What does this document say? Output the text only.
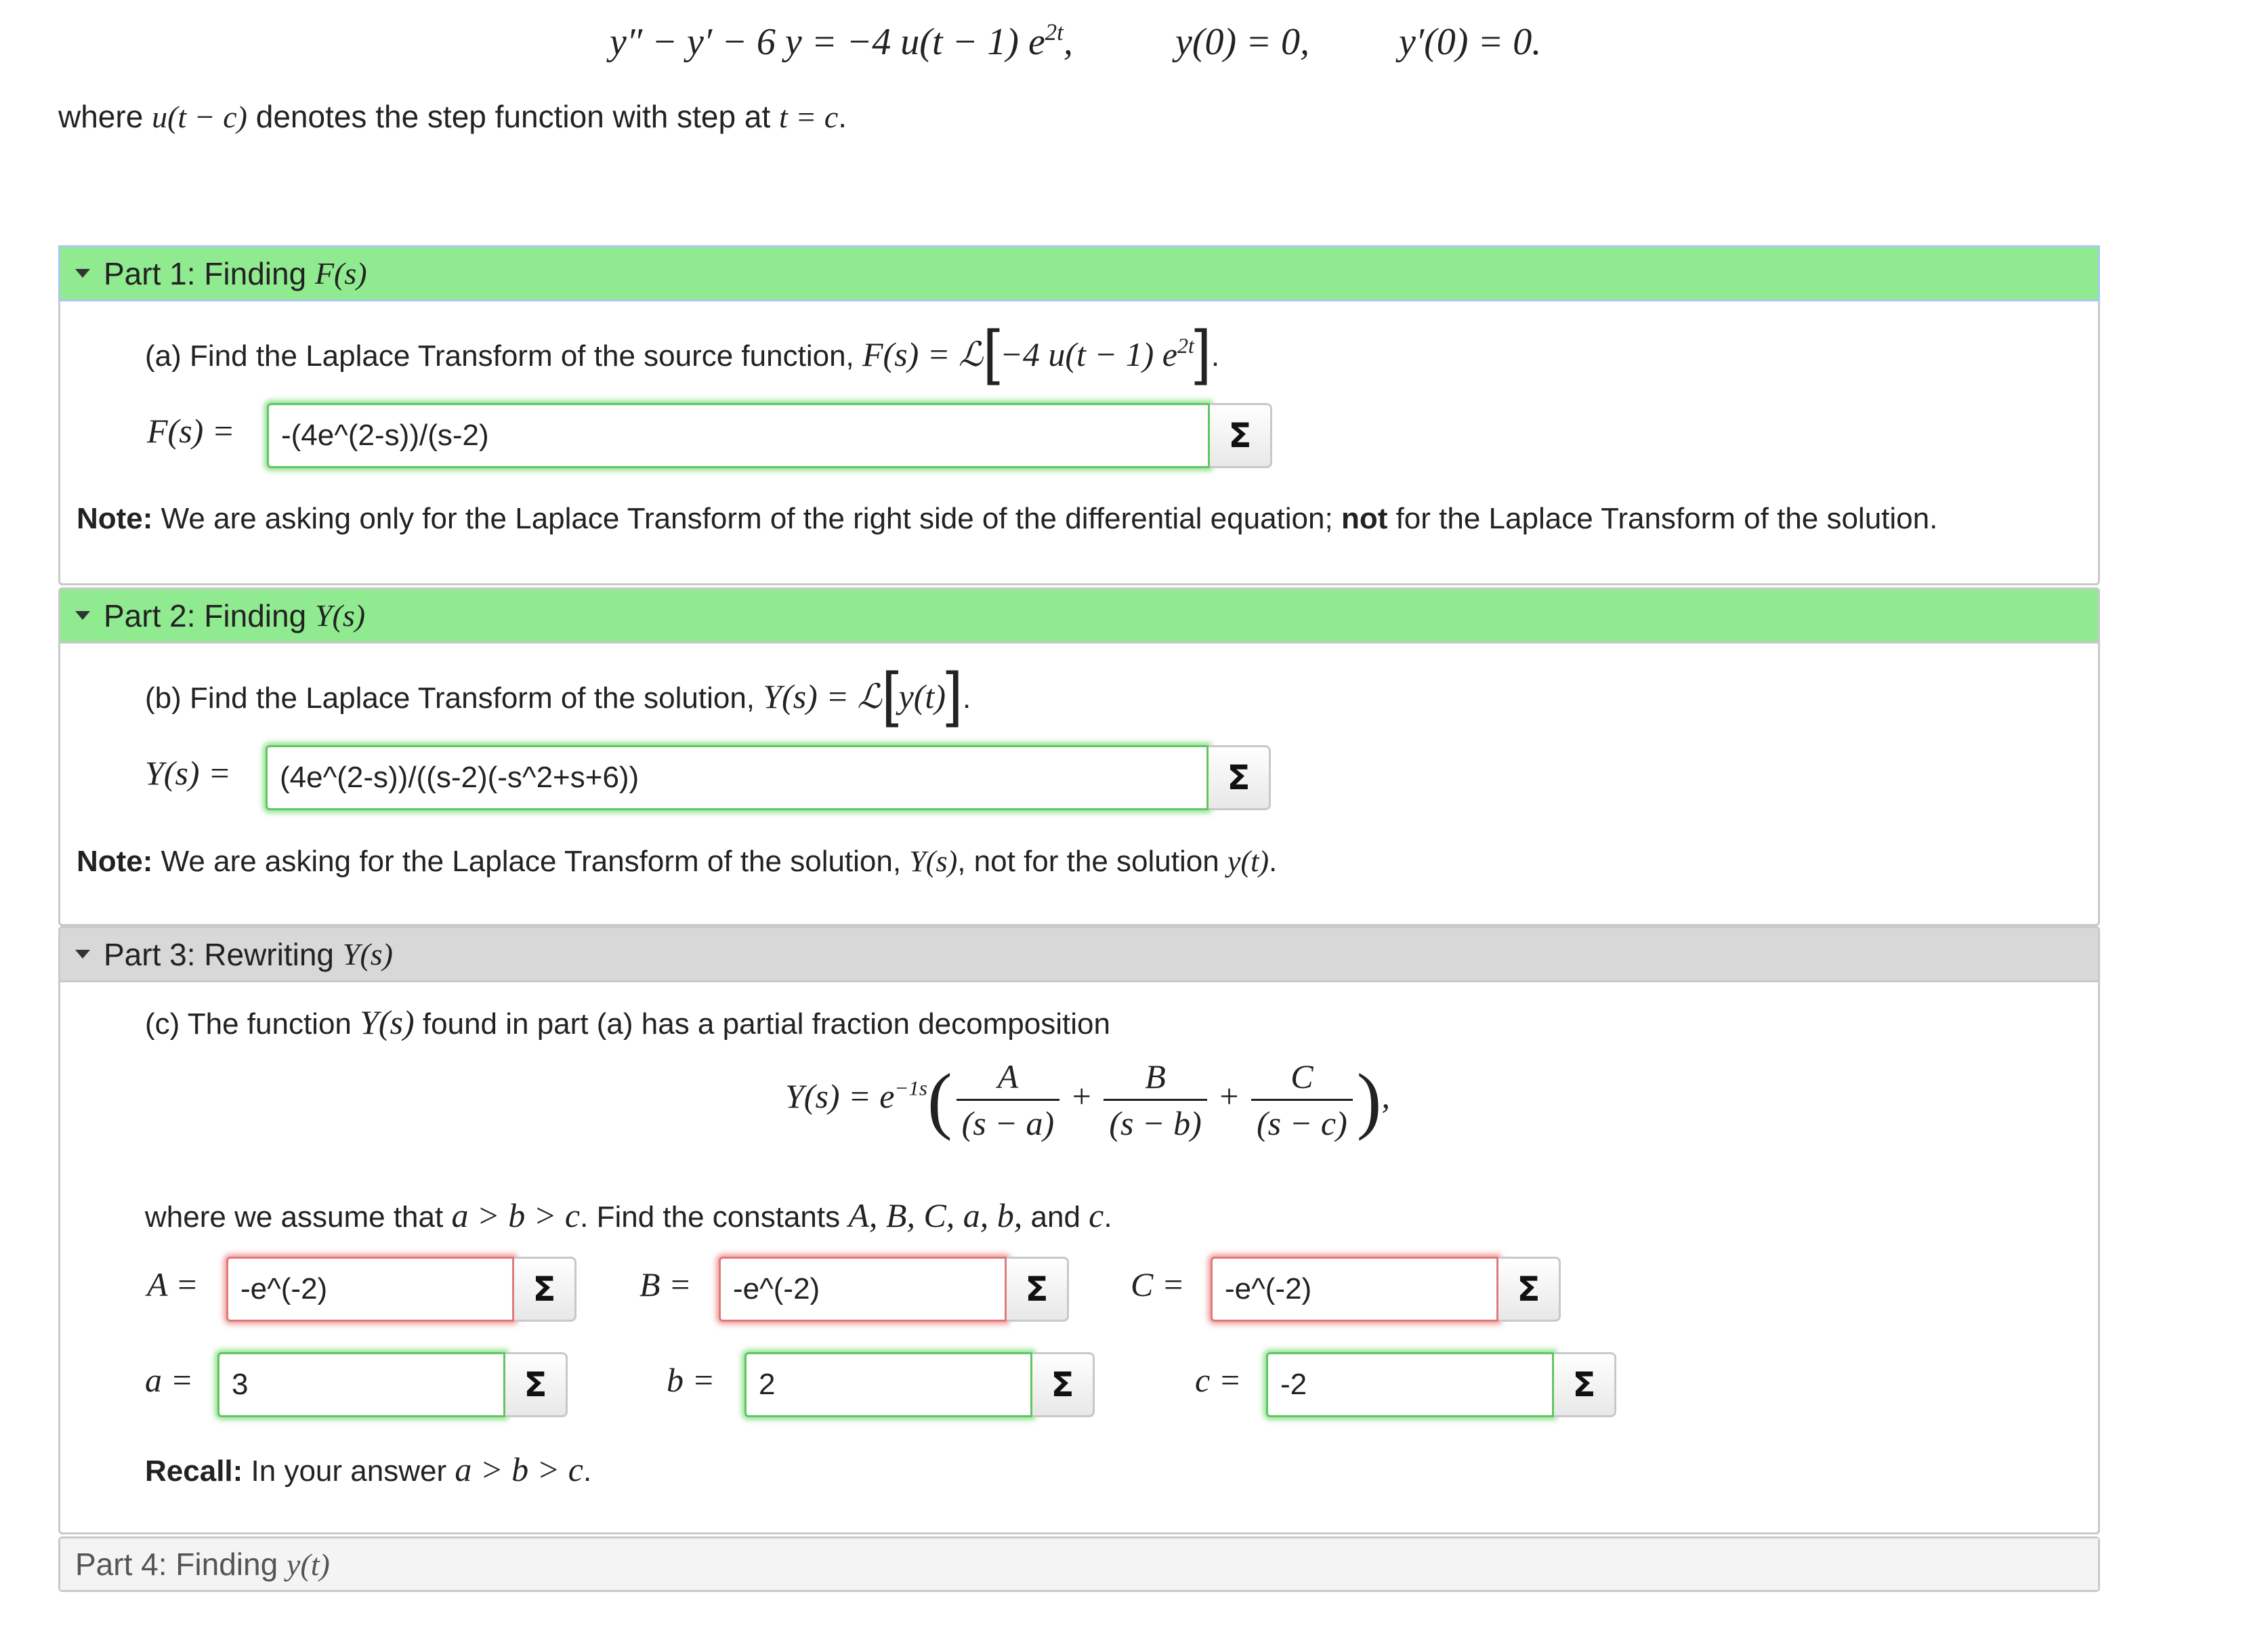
y″ − y′ − 6 y = −4 u(t − 1) $e^{2t}$,	y(0) = 0, y′(0) = 0.
where u(t − c) denotes the step function with step at t = c.
Part 1: Finding
F(s)
(a) Find the Laplace Transform of the source function, F(s) = ℒ[−4 u(t − 1) $e^{2t}$].
F(s) =	-(4e^(2-s))/(s-2)	Σ
Note: We are asking only for the Laplace Transform of the right side of the differential equation; not for the Laplace Transform of the solution.
Part 2: Finding
Y(s)
(b) Find the Laplace Transform of the solution, Y(s) = ℒ[y(t)].
Y(s) =	(4e^(2-s))/((s-2)(-s^2+s+6))	Σ
Note: We are asking for the Laplace Transform of the solution, Y(s), not for the solution y(t).
Part 3: Rewriting
Y(s)
(c) The function Y(s) found in part (a) has a partial fraction decomposition
$Y(s) = e^{-1s}( \frac{A}{(s - a)} + \frac{B}{(s - b)} + \frac{C}{(s - c)}$ ),
where we assume that a > b > c. Find the constants A, B, C, a, b, and c.
A =	-e^(-2)	Σ	B =	-e^(-2)	Σ	C =	-e^(-2)	Σ
a =	3	Σ	b =	2	Σ	c =	-2	Σ
Recall: In your answer a > b > c.
Part 4: Finding
y(t)
